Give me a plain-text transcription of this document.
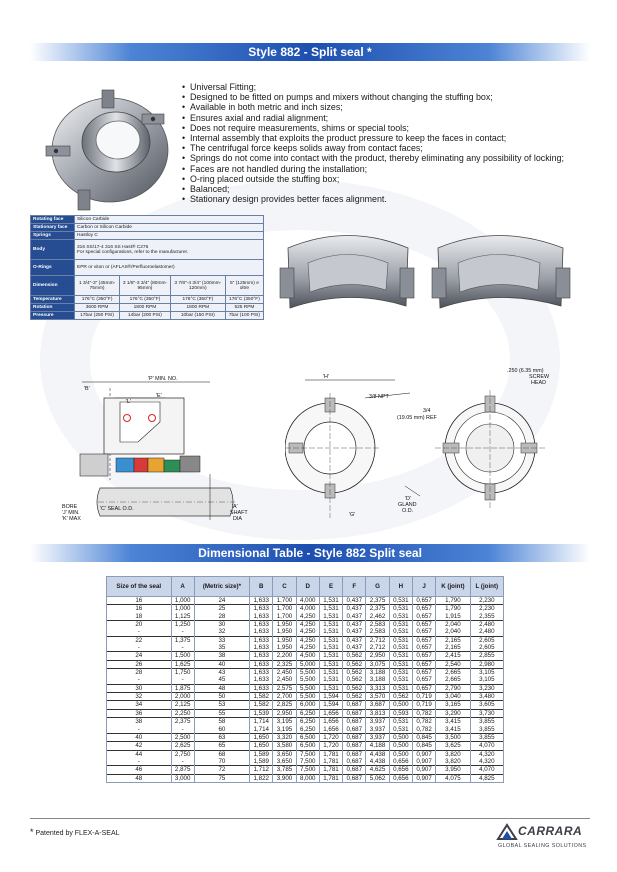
Style 882 - Split seal *
• Universal Fitting;
• Designed to be fitted on pumps and mixers without changing the stuffing box;
• Available in both metric and inch sizes;
• Ensures axial and radial alignment;
• Does not require measurements, shims or special tools;
• Internal assembly that exploits the product pressure to keep the faces in contact;
• The centrifugal force keeps solids away from contact faces;
• Springs do not come into contact with the product, thereby eliminating any possibility of locking;
• Faces are not handled during the installation;
• O-ring placed outside the stuffing box;
• Balanced;
• Stationary design provides better faces alignment.
Rotating face	Silicon Carbide			
Stationary face	Carbon or Silicon Carbide			
Springs	Hastloy C			
Body	316 SS/17-4 316 SS Hast® C276
For special configurations, refer to the manufacturer.			

O-Rings	EPR or viton or (AFLAS®/Perfluoroelastomer)			
Dimension	1 3/4"-3" (45mm-75mm)	3 1/8"-3 3/4" (80mm-95mm)	3 7/8"-4 3/4" (100mm-120mm)	5" (125mm) e oltre
Temperature	176°C (350°F)	176°C (350°F)	176°C (350°F)	176°C (350°F)
Rotation	3600 RPM	1800 RPM	1800 RPM	525 RPM
Pressure	17bar (250 PSI)	14bar (200 PSI)	10bar (150 PSI)	7bar (100 PSI)
'B'
'P' MIN. NO.
'L'
'E'
BORE
'J' MIN.
'K' MAX
'C' SEAL O.D.	'A'
SHAFT
DIA
'H'
3/8 NPT
3/4
(19.05 mm) REF
'D'
GLAND
O.D.
'G'
.250 (6.35 mm)
SCREW
HEAD
Dimensional Table - Style 882 Split seal
Size of the seal	A	(Metric size)*	B	C	D	E	F	G	H	J	K (joint)	L (joint)
16	1,000	24	1,633	1,700	4,000	1,531	0,437	2,375	0,531	0,657	1,790	2,230
16	1,000	25	1,633	1,700	4,000	1,531	0,437	2,375	0,531	0,657	1,790	2,230
18	1,125	28	1,633	1,700	4,250	1,531	0,437	2,462	0,531	0,657	1,915	2,355
20	1,250	30	1,633	1,950	4,250	1,531	0,437	2,583	0,531	0,657	2,040	2,480
-	-	32	1,633	1,950	4,250	1,531	0,437	2,583	0,531	0,657	2,040	2,480
22	1,375	33	1,633	1,950	4,250	1,531	0,437	2,712	0,531	0,657	2,165	2,605
-	-	35	1,633	1,950	4,250	1,531	0,437	2,712	0,531	0,657	2,165	2,605
24	1,500	38	1,633	2,200	4,500	1,531	0,562	2,950	0,531	0,657	2,415	2,855
26	1,625	40	1,633	2,325	5,000	1,531	0,562	3,075	0,531	0,657	2,540	2,980
28	1,750	43	1,633	2,450	5,500	1,531	0,562	3,188	0,531	0,657	2,665	3,105
-	-	45	1,633	2,450	5,500	1,531	0,562	3,188	0,531	0,657	2,665	3,105
30	1,875	48	1,633	2,575	5,500	1,531	0,562	3,313	0,531	0,657	2,790	3,230
32	2,000	50	1,582	2,700	5,500	1,594	0,562	3,570	0,562	0,719	3,040	3,480
34	2,125	53	1,582	2,825	6,000	1,594	0,687	3,687	0,500	0,719	3,165	3,605
36	2,250	55	1,539	2,950	6,250	1,656	0,687	3,813	0,593	0,782	3,290	3,730
38	2,375	58	1,714	3,195	6,250	1,656	0,687	3,937	0,531	0,782	3,415	3,855
-	-	60	1,714	3,195	6,250	1,656	0,687	3,937	0,531	0,782	3,415	3,855
40	2,500	63	1,650	3,320	6,500	1,720	0,687	3,937	0,500	0,845	3,500	3,855
42	2,625	65	1,650	3,580	6,500	1,720	0,687	4,188	0,500	0,845	3,625	4,070
44	2,750	68	1,589	3,650	7,500	1,781	0,687	4,438	0,500	0,907	3,820	4,320
-	-	70	1,589	3,650	7,500	1,781	0,687	4,438	0,656	0,907	3,820	4,320
46	2,875	72	1,712	3,785	7,500	1,781	0,687	4,625	0,656	0,907	3,950	4,070
48	3,000	75	1,822	3,900	8,000	1,781	0,687	5,062	0,656	0,907	4,075	4,825
* Patented by FLEX-A-SEAL	CARRARA
GLOBAL SEALING SOLUTIONS
